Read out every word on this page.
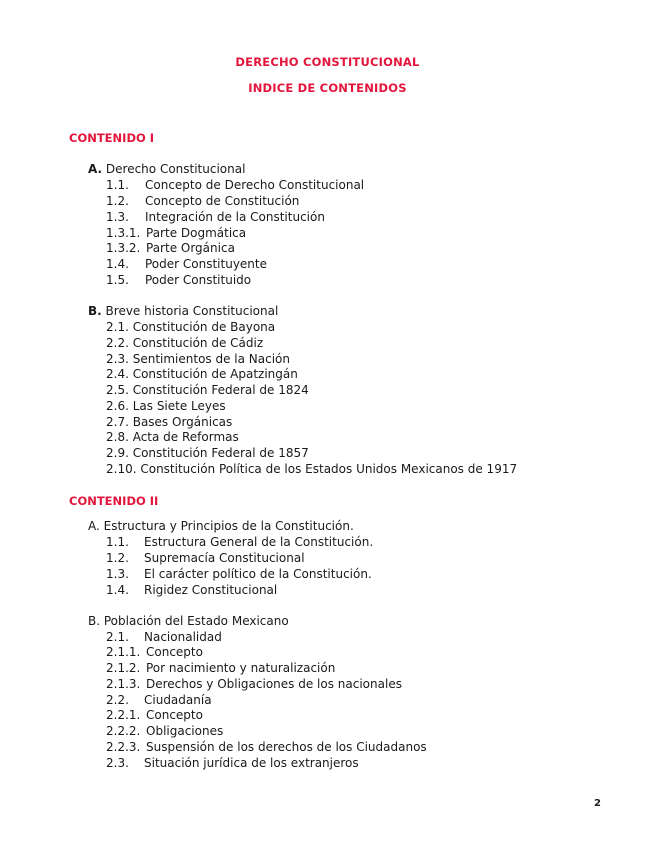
DERECHO CONSTITUCIONAL
INDICE DE CONTENIDOS
CONTENIDO I
A. Derecho Constitucional
1.1. Concepto de Derecho Constitucional
1.2. Concepto de Constitución
1.3. Integración de la Constitución
1.3.1. Parte Dogmática
1.3.2. Parte Orgánica
1.4. Poder Constituyente
1.5. Poder Constituido
B. Breve historia Constitucional
2.1. Constitución de Bayona
2.2. Constitución de Cádiz
2.3. Sentimientos de la Nación
2.4. Constitución de Apatzingán
2.5. Constitución Federal de 1824
2.6. Las Siete Leyes
2.7. Bases Orgánicas
2.8. Acta de Reformas
2.9. Constitución Federal de 1857
2.10. Constitución Política de los Estados Unidos Mexicanos de 1917
CONTENIDO II
A. Estructura y Principios de la Constitución.
1.1. Estructura General de la Constitución.
1.2. Supremacía Constitucional
1.3. El carácter político de la Constitución.
1.4. Rigidez Constitucional
B. Población del Estado Mexicano
2.1. Nacionalidad
2.1.1. Concepto
2.1.2. Por nacimiento y naturalización
2.1.3. Derechos y Obligaciones de los nacionales
2.2. Ciudadanía
2.2.1. Concepto
2.2.2. Obligaciones
2.2.3. Suspensión de los derechos de los Ciudadanos
2.3. Situación jurídica de los extranjeros
2
